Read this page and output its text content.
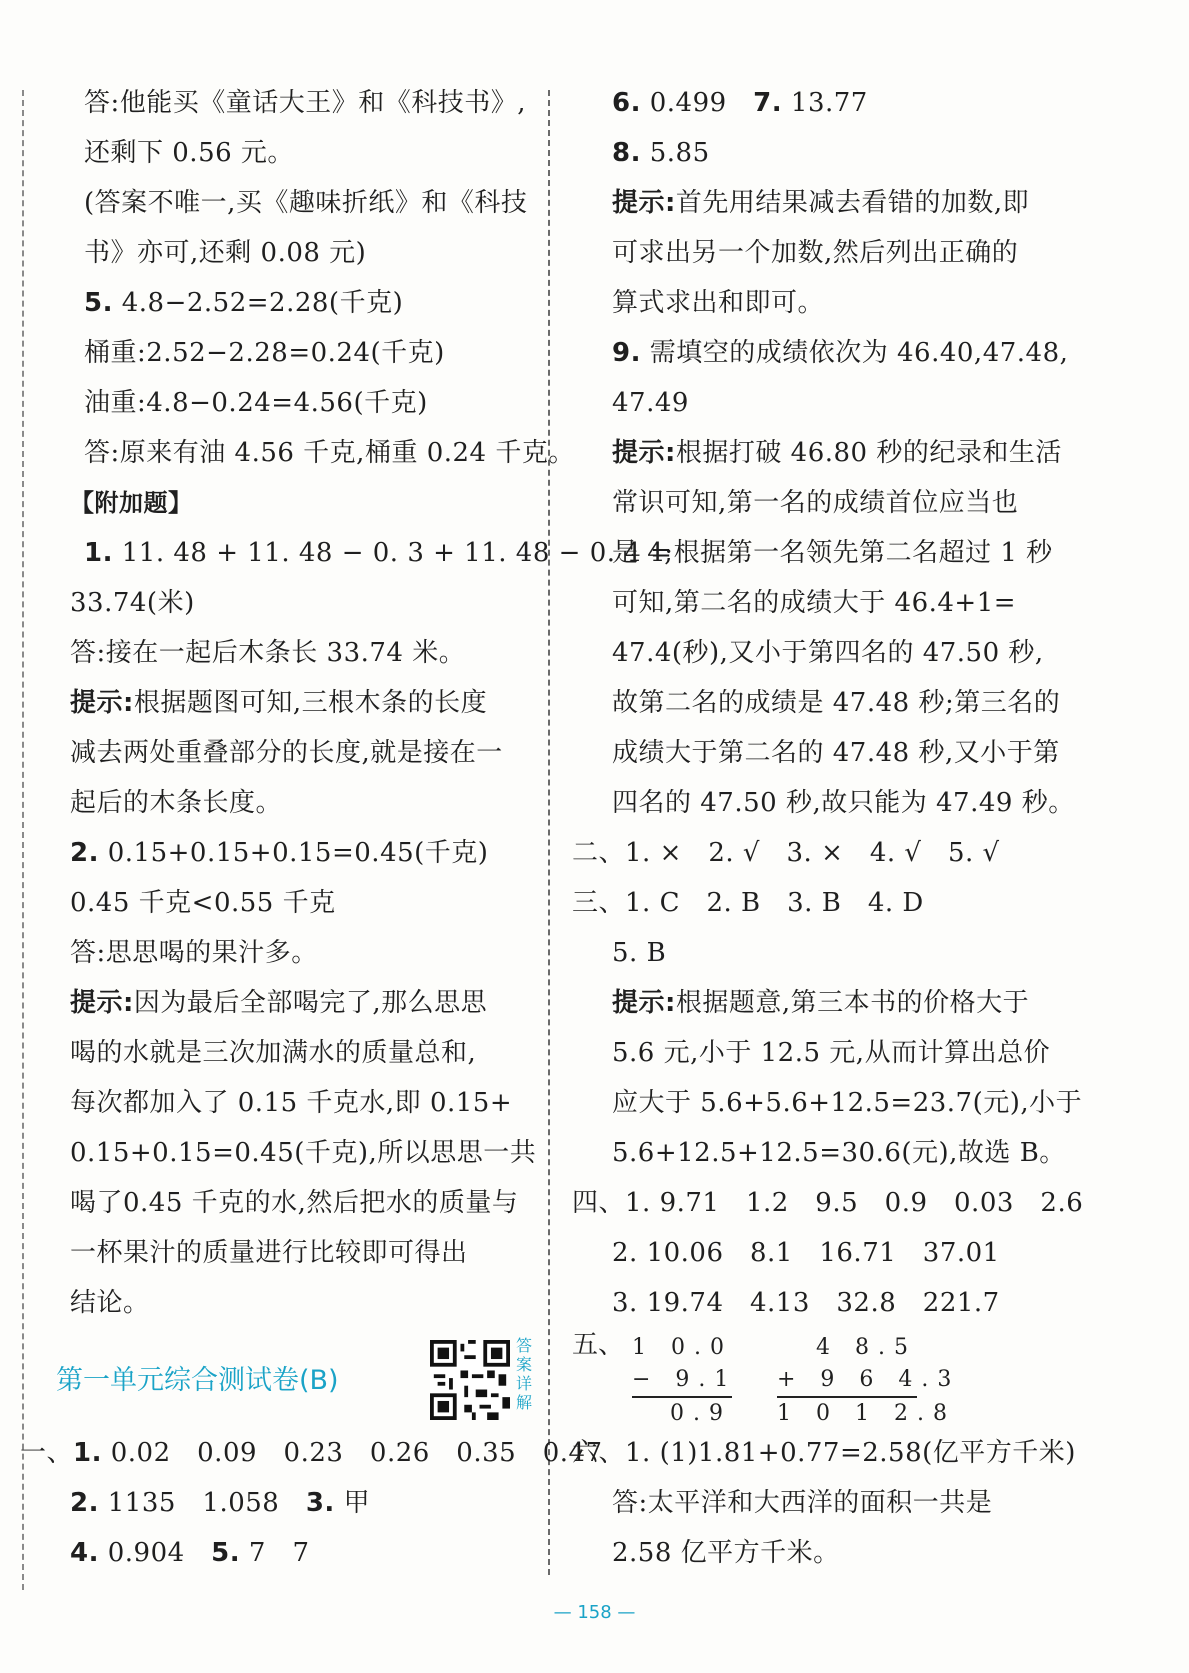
答:他能买《童话大王》和《科技书》,
还剩下 0.56 元。
(答案不唯一,买《趣味折纸》和《科技
书》亦可,还剩 0.08 元)
5. 4.8−2.52=2.28(千克)
桶重:2.52−2.28=0.24(千克)
油重:4.8−0.24=4.56(千克)
答:原来有油 4.56 千克,桶重 0.24 千克。
【附加题】
1. 11. 48 + 11. 48 − 0. 3 + 11. 48 − 0. 4 =
33.74(米)
答:接在一起后木条长 33.74 米。
提示:根据题图可知,三根木条的长度
减去两处重叠部分的长度,就是接在一
起后的木条长度。
2. 0.15+0.15+0.15=0.45(千克)
0.45 千克<0.55 千克
答:思思喝的果汁多。
提示:因为最后全部喝完了,那么思思
喝的水就是三次加满水的质量总和,
每次都加入了 0.15 千克水,即 0.15+
0.15+0.15=0.45(千克),所以思思一共
喝了0.45 千克的水,然后把水的质量与
一杯果汁的质量进行比较即可得出
结论。
第一单元综合测试卷(B)
答案详解
一、1. 0.02　0.09　0.23　0.26　0.35　0.47
2. 1135　1.058　3. 甲
4. 0.904　5. 7　7
6. 0.499　7. 13.77
8. 5.85
提示:首先用结果减去看错的加数,即
可求出另一个加数,然后列出正确的
算式求出和即可。
9. 需填空的成绩依次为 46.40,47.48,
47.49
提示:根据打破 46.80 秒的纪录和生活
常识可知,第一名的成绩首位应当也
是 4;根据第一名领先第二名超过 1 秒
可知,第二名的成绩大于 46.4+1=
47.4(秒),又小于第四名的 47.50 秒,
故第二名的成绩是 47.48 秒;第三名的
成绩大于第二名的 47.48 秒,又小于第
四名的 47.50 秒,故只能为 47.49 秒。
二、1. ×　2. √　3. ×　4. √　5. √
三、1. C　2. B　3. B　4. D
5. B
提示:根据题意,第三本书的价格大于
5.6 元,小于 12.5 元,从而计算出总价
应大于 5.6+5.6+12.5=23.7(元),小于
5.6+12.5+12.5=30.6(元),故选 B。
四、1. 9.71　1.2　9.5　0.9　0.03　2.6
2. 10.06　8.1　16.71　37.01
3. 19.74　4.13　32.8　221.7
五、 1 0.0
− 9.1
0.9
4 8.5
+ 9 6 4.3
1 0 1 2.8
六、1. (1)1.81+0.77=2.58(亿平方千米)
答:太平洋和大西洋的面积一共是
2.58 亿平方千米。
— 158 —
